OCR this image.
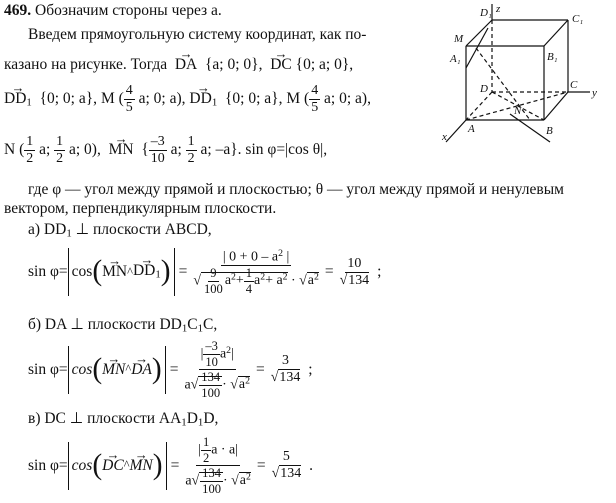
469. Обозначим стороны через a.
Введем прямоугольную систему координат, как по-
казано на рисунке. Тогда → DA {a; 0; 0}, → DC {0; a; 0},
→ $DD_1$ {0; 0; a}, M ( $\frac{4}{5} a$; 0; a), → $DD_1$ {0; 0; a}, M ( $\frac{4}{5} a$; 0; a),
N ( $\frac{1}{2} a$; $\frac{1}{2} a$; 0), → MN  { $\frac{-3}{10} a$; $\frac{1}{2} a$; –a}. sin φ=|cos θ|,
где φ — угол между прямой и плоскостью; θ — угол между прямой и ненулевым вектором, перпендикулярным плоскости.
а) $DD_1$ ⊥ плоскости ABCD,
sin φ= cos ( → MN ^ → $DD_1$ ) = $\frac{| 0 + 0 - a^2 |}{√ \frac{9}{100} a^2+ \frac{1}{4} a^2+ a^2 \cdot √a^2} = \frac{10}{√134}$ ;
б) DA ⊥ плоскости $DD_1C_1C$,
sin φ= cos ( → MN ^ → DA ) = $\frac{| \frac{-3}{10} a^2|}{a√ \frac{134}{100} \cdot √a^2} = \frac{3}{√134}$ ;
в) DC ⊥ плоскости $AA_1D_1D$,
sin φ= cos ( → DC ^ → MN ) = $\frac{| \frac{1}{2} a \cdot a|}{a√ \frac{134}{100} \cdot √a^2} = \frac{5}{√134}$ .
D₁	C₁
A₁	B₁
M
D	C
y
A
N
B
x
z
